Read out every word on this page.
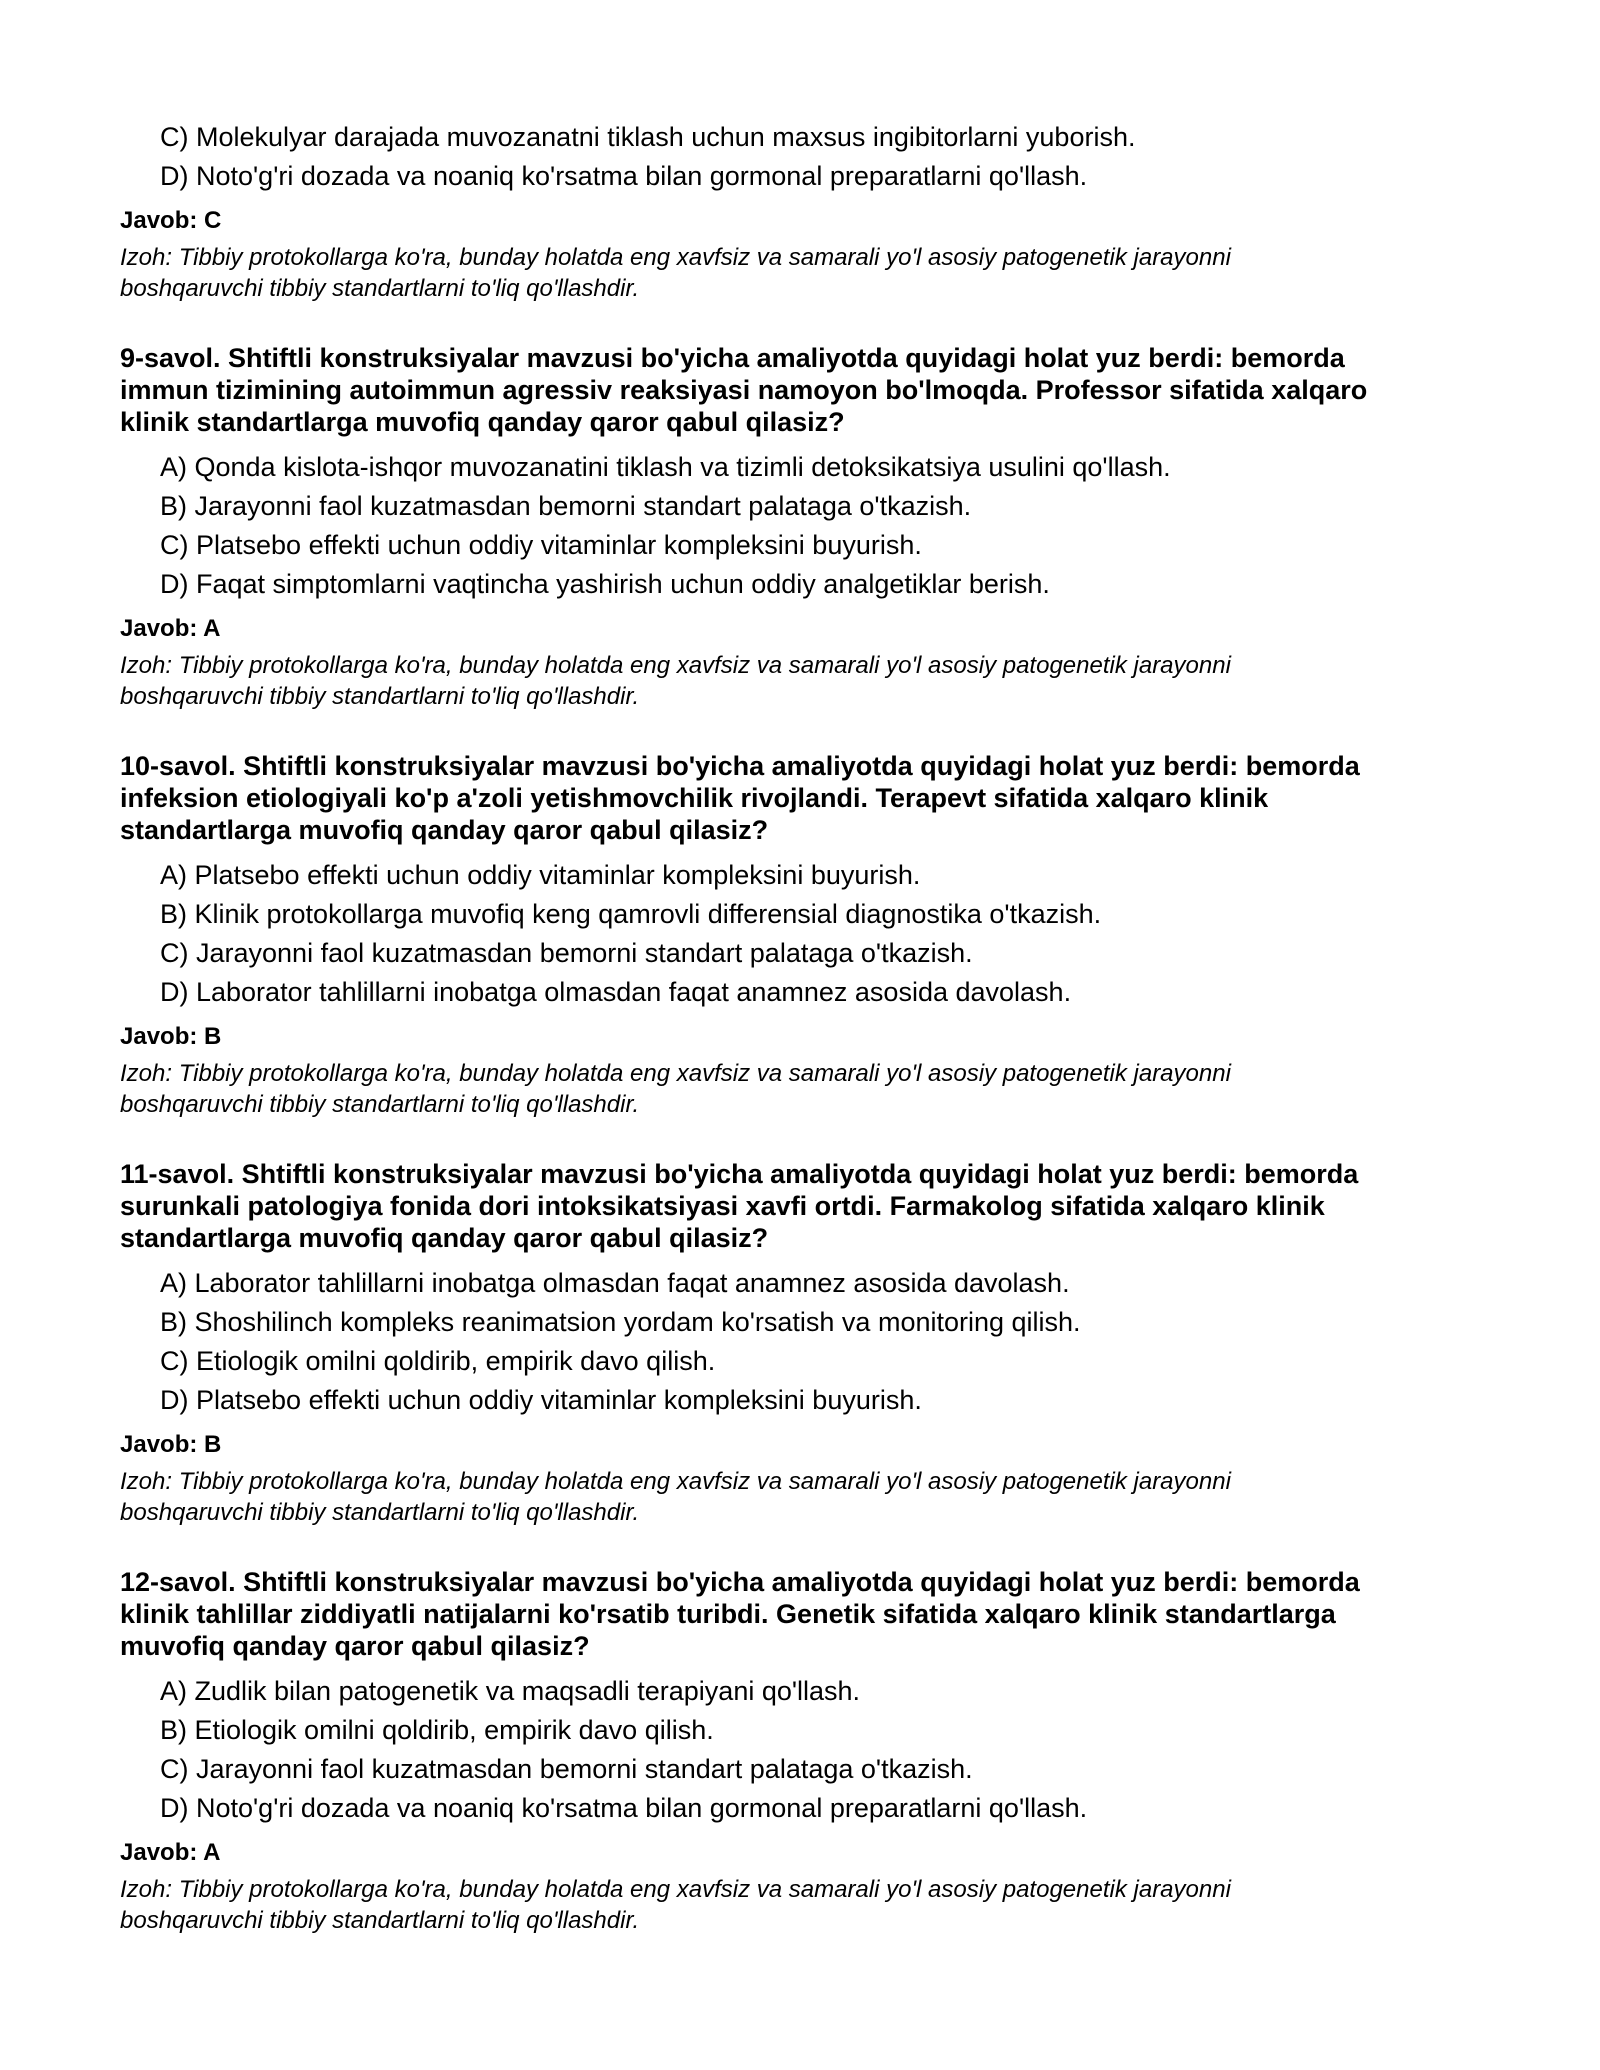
C) Molekulyar darajada muvozanatni tiklash uchun maxsus ingibitorlarni yuborish.
D) Noto'g'ri dozada va noaniq ko'rsatma bilan gormonal preparatlarni qo'llash.
Javob: C
Izoh: Tibbiy protokollarga ko'ra, bunday holatda eng xavfsiz va samarali yo'l asosiy patogenetik jarayonni
boshqaruvchi tibbiy standartlarni to'liq qo'llashdir.
9-savol. Shtiftli konstruksiyalar mavzusi bo'yicha amaliyotda quyidagi holat yuz berdi: bemorda
immun tizimining autoimmun agressiv reaksiyasi namoyon bo'lmoqda. Professor sifatida xalqaro
klinik standartlarga muvofiq qanday qaror qabul qilasiz?
A) Qonda kislota-ishqor muvozanatini tiklash va tizimli detoksikatsiya usulini qo'llash.
B) Jarayonni faol kuzatmasdan bemorni standart palataga o'tkazish.
C) Platsebo effekti uchun oddiy vitaminlar kompleksini buyurish.
D) Faqat simptomlarni vaqtincha yashirish uchun oddiy analgetiklar berish.
Javob: A
Izoh: Tibbiy protokollarga ko'ra, bunday holatda eng xavfsiz va samarali yo'l asosiy patogenetik jarayonni
boshqaruvchi tibbiy standartlarni to'liq qo'llashdir.
10-savol. Shtiftli konstruksiyalar mavzusi bo'yicha amaliyotda quyidagi holat yuz berdi: bemorda
infeksion etiologiyali ko'p a'zoli yetishmovchilik rivojlandi. Terapevt sifatida xalqaro klinik
standartlarga muvofiq qanday qaror qabul qilasiz?
A) Platsebo effekti uchun oddiy vitaminlar kompleksini buyurish.
B) Klinik protokollarga muvofiq keng qamrovli differensial diagnostika o'tkazish.
C) Jarayonni faol kuzatmasdan bemorni standart palataga o'tkazish.
D) Laborator tahlillarni inobatga olmasdan faqat anamnez asosida davolash.
Javob: B
Izoh: Tibbiy protokollarga ko'ra, bunday holatda eng xavfsiz va samarali yo'l asosiy patogenetik jarayonni
boshqaruvchi tibbiy standartlarni to'liq qo'llashdir.
11-savol. Shtiftli konstruksiyalar mavzusi bo'yicha amaliyotda quyidagi holat yuz berdi: bemorda
surunkali patologiya fonida dori intoksikatsiyasi xavfi ortdi. Farmakolog sifatida xalqaro klinik
standartlarga muvofiq qanday qaror qabul qilasiz?
A) Laborator tahlillarni inobatga olmasdan faqat anamnez asosida davolash.
B) Shoshilinch kompleks reanimatsion yordam ko'rsatish va monitoring qilish.
C) Etiologik omilni qoldirib, empirik davo qilish.
D) Platsebo effekti uchun oddiy vitaminlar kompleksini buyurish.
Javob: B
Izoh: Tibbiy protokollarga ko'ra, bunday holatda eng xavfsiz va samarali yo'l asosiy patogenetik jarayonni
boshqaruvchi tibbiy standartlarni to'liq qo'llashdir.
12-savol. Shtiftli konstruksiyalar mavzusi bo'yicha amaliyotda quyidagi holat yuz berdi: bemorda
klinik tahlillar ziddiyatli natijalarni ko'rsatib turibdi. Genetik sifatida xalqaro klinik standartlarga
muvofiq qanday qaror qabul qilasiz?
A) Zudlik bilan patogenetik va maqsadli terapiyani qo'llash.
B) Etiologik omilni qoldirib, empirik davo qilish.
C) Jarayonni faol kuzatmasdan bemorni standart palataga o'tkazish.
D) Noto'g'ri dozada va noaniq ko'rsatma bilan gormonal preparatlarni qo'llash.
Javob: A
Izoh: Tibbiy protokollarga ko'ra, bunday holatda eng xavfsiz va samarali yo'l asosiy patogenetik jarayonni
boshqaruvchi tibbiy standartlarni to'liq qo'llashdir.
